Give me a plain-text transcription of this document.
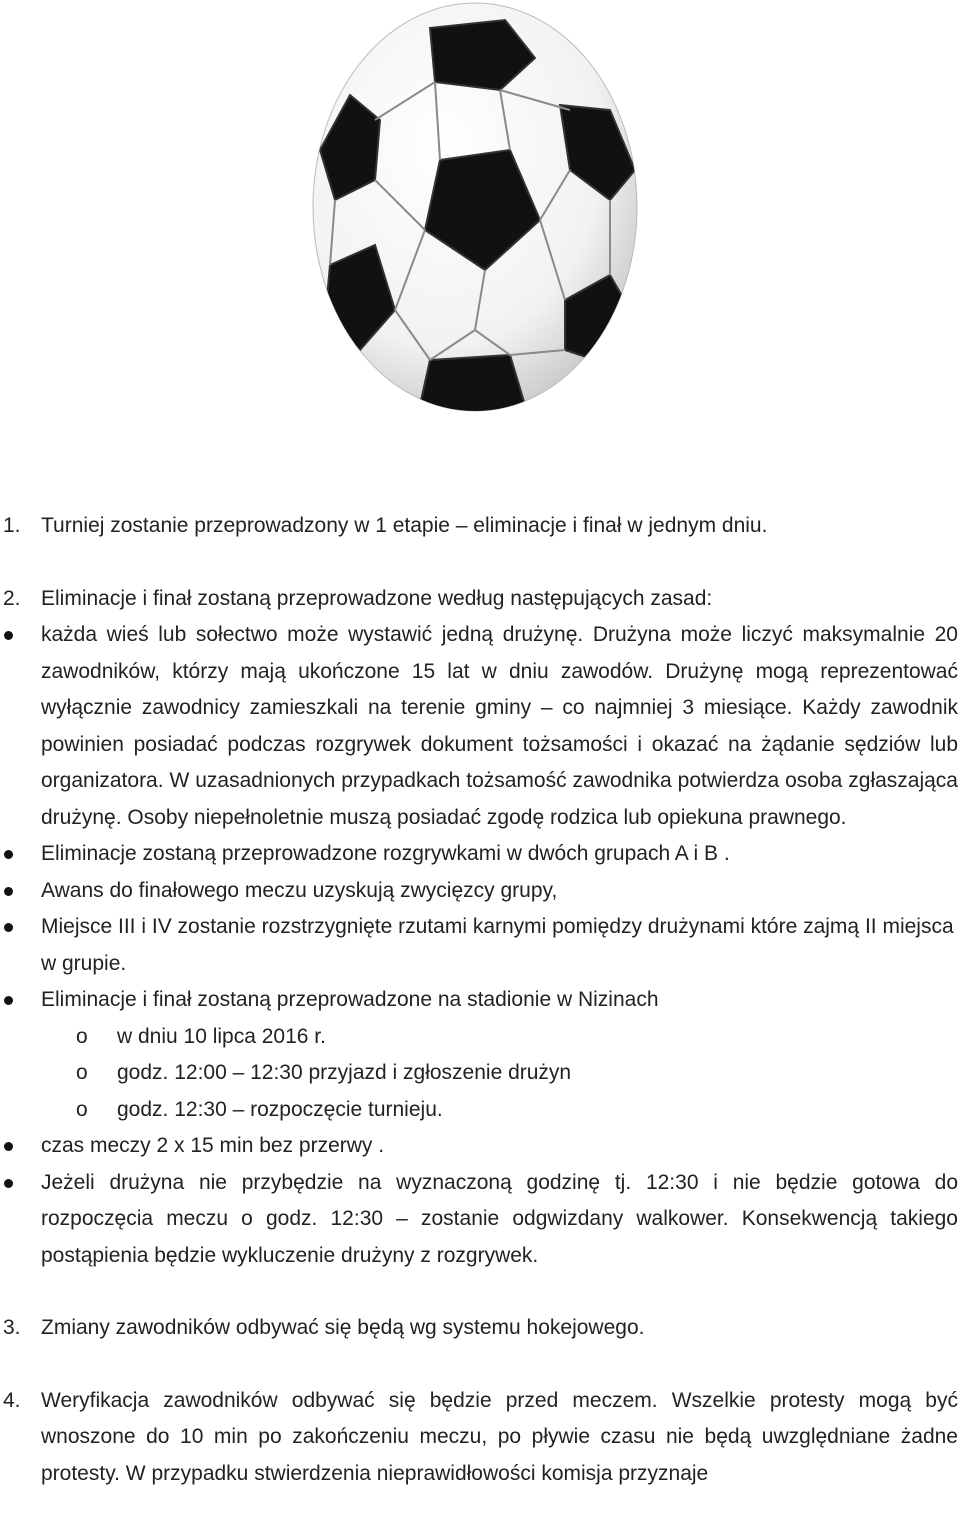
1. Turniej zostanie przeprowadzony w 1 etapie – eliminacje i finał w jednym dniu.
2. Eliminacje i finał zostaną przeprowadzone według następujących zasad:
każda wieś lub sołectwo może wystawić jedną drużynę. Drużyna może liczyć maksymalnie 20 zawodników, którzy mają ukończone 15 lat w dniu zawodów. Drużynę mogą reprezentować wyłącznie zawodnicy zamieszkali na terenie gminy – co najmniej 3 miesiące. Każdy zawodnik powinien posiadać podczas rozgrywek dokument tożsamości i okazać na żądanie sędziów lub organizatora. W uzasadnionych przypadkach tożsamość zawodnika potwierdza osoba zgłaszająca drużynę. Osoby niepełnoletnie muszą posiadać zgodę rodzica lub opiekuna prawnego.
Eliminacje zostaną przeprowadzone rozgrywkami w dwóch grupach A i B .
Awans do finałowego meczu uzyskują zwycięzcy grupy,
Miejsce III i IV zostanie rozstrzygnięte rzutami karnymi pomiędzy drużynami które zajmą II miejsca w grupie.
Eliminacje i finał zostaną przeprowadzone na stadionie w Nizinach
o w dniu 10 lipca 2016 r.
o godz. 12:00 – 12:30 przyjazd i zgłoszenie drużyn
o godz. 12:30 – rozpoczęcie turnieju.
czas meczy 2 x 15 min bez przerwy .
Jeżeli drużyna nie przybędzie na wyznaczoną godzinę tj. 12:30 i nie będzie gotowa do rozpoczęcia meczu o godz. 12:30 – zostanie odgwizdany walkower. Konsekwencją takiego postąpienia będzie wykluczenie drużyny z rozgrywek.
3. Zmiany zawodników odbywać się będą wg systemu hokejowego.
4. Weryfikacja zawodników odbywać się będzie przed meczem. Wszelkie protesty mogą być wnoszone do 10 min po zakończeniu meczu, po pływie czasu nie będą uwzględniane żadne protesty. W przypadku stwierdzenia nieprawidłowości komisja przyznaje
